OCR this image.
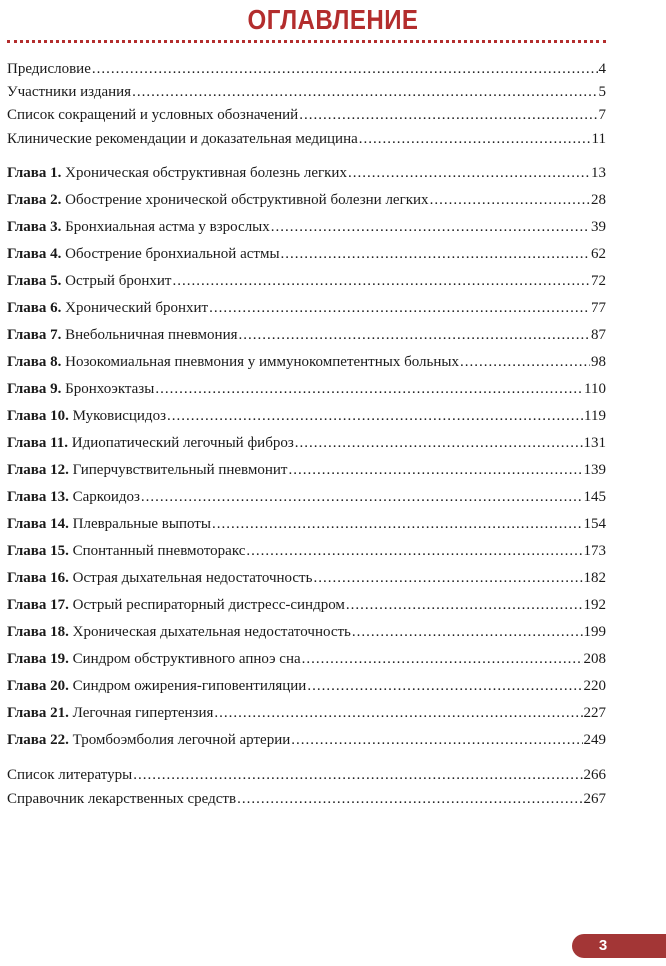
ОГЛАВЛЕНИЕ
Предисловие .....	4
Участники издания .....	5
Список сокращений и условных обозначений .....	7
Клинические рекомендации и доказательная медицина .....	11
Глава 1. Хроническая обструктивная болезнь легких .....	13
Глава 2. Обострение хронической обструктивной болезни легких .....	28
Глава 3. Бронхиальная астма у взрослых .....	39
Глава 4. Обострение бронхиальной астмы .....	62
Глава 5. Острый бронхит .....	72
Глава 6. Хронический бронхит .....	77
Глава 7. Внебольничная пневмония .....	87
Глава 8. Нозокомиальная пневмония у иммунокомпетентных больных .....	98
Глава 9. Бронхоэктазы .....	110
Глава 10. Муковисцидоз .....	119
Глава 11. Идиопатический легочный фиброз .....	131
Глава 12. Гиперчувствительный пневмонит .....	139
Глава 13. Саркоидоз .....	145
Глава 14. Плевральные выпоты .....	154
Глава 15. Спонтанный пневмоторакс .....	173
Глава 16. Острая дыхательная недостаточность .....	182
Глава 17. Острый респираторный дистресс-синдром .....	192
Глава 18. Хроническая дыхательная недостаточность .....	199
Глава 19. Синдром обструктивного апноэ сна .....	208
Глава 20. Синдром ожирения-гиповентиляции .....	220
Глава 21. Легочная гипертензия .....	227
Глава 22. Тромбоэмболия легочной артерии .....	249
Список литературы .....	266
Справочник лекарственных средств .....	267
3
